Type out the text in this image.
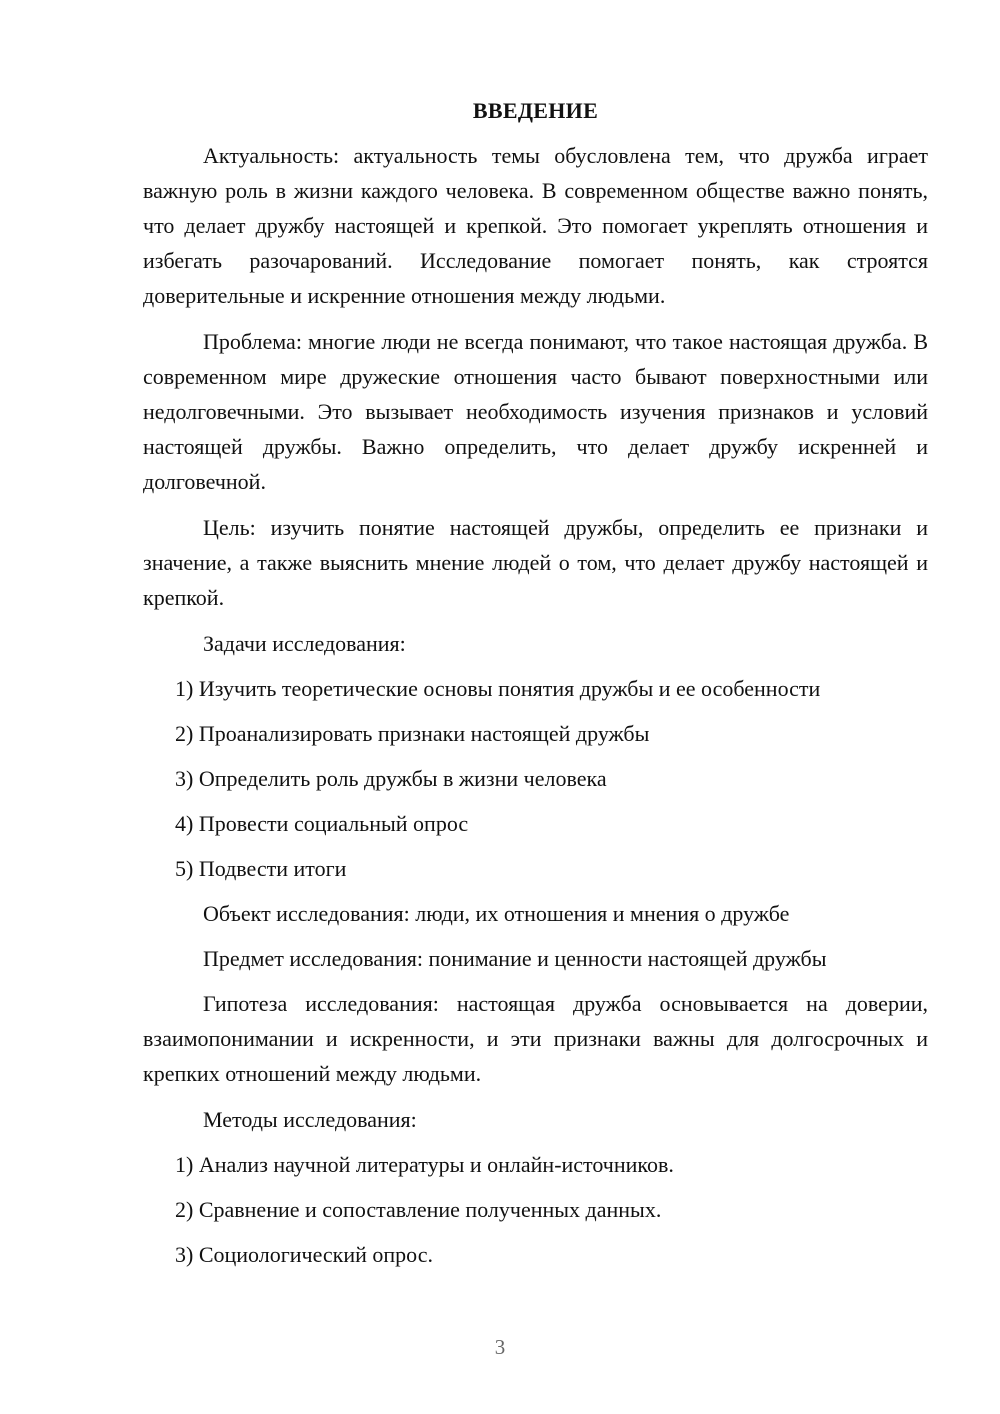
ВВЕДЕНИЕ

Актуальность: актуальность темы обусловлена тем, что дружба играет важную роль в жизни каждого человека. В современном обществе важно понять, что делает дружбу настоящей и крепкой. Это помогает укреплять отношения и избегать разочарований. Исследование помогает понять, как строятся доверительные и искренние отношения между людьми.

Проблема: многие люди не всегда понимают, что такое настоящая дружба. В современном мире дружеские отношения часто бывают поверхностными или недолговечными. Это вызывает необходимость изучения признаков и условий настоящей дружбы. Важно определить, что делает дружбу искренней и долговечной.

Цель: изучить понятие настоящей дружбы, определить ее признаки и значение, а также выяснить мнение людей о том, что делает дружбу настоящей и крепкой.

Задачи исследования:
1) Изучить теоретические основы понятия дружбы и ее особенности
2) Проанализировать признаки настоящей дружбы
3) Определить роль дружбы в жизни человека
4) Провести социальный опрос
5) Подвести итоги
Объект исследования: люди, их отношения и мнения о дружбе
Предмет исследования: понимание и ценности настоящей дружбы

Гипотеза исследования: настоящая дружба основывается на доверии, взаимопонимании и искренности, и эти признаки важны для долгосрочных и крепких отношений между людьми.

Методы исследования:
1) Анализ научной литературы и онлайн-источников.
2) Сравнение и сопоставление полученных данных.
3) Социологический опрос.
3
